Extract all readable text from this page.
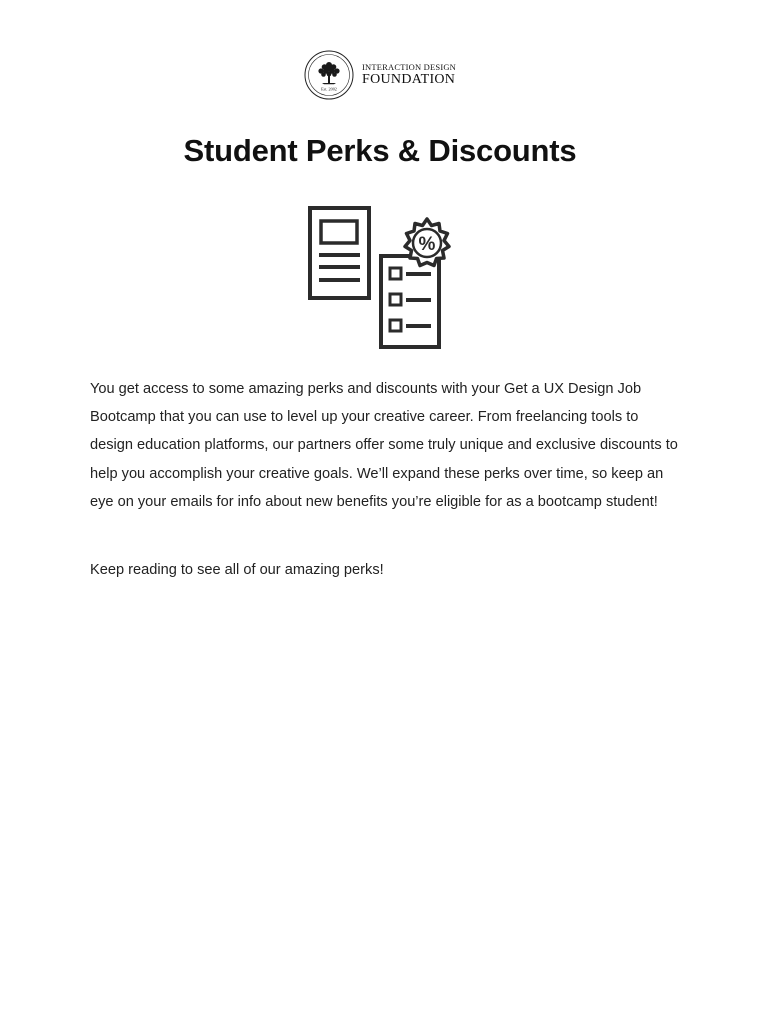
Est. 2002
INTERACTION DESIGN
FOUNDATION
Student Perks & Discounts
%

You get access to some amazing perks and discounts with your Get a UX Design Job Bootcamp that you can use to level up your creative career. From freelancing tools to design education platforms, our partners offer some truly unique and exclusive discounts to help you accomplish your creative goals. We’ll expand these perks over time, so keep an eye on your emails for info about new benefits you’re eligible for as a bootcamp student!

Keep reading to see all of our amazing perks!
